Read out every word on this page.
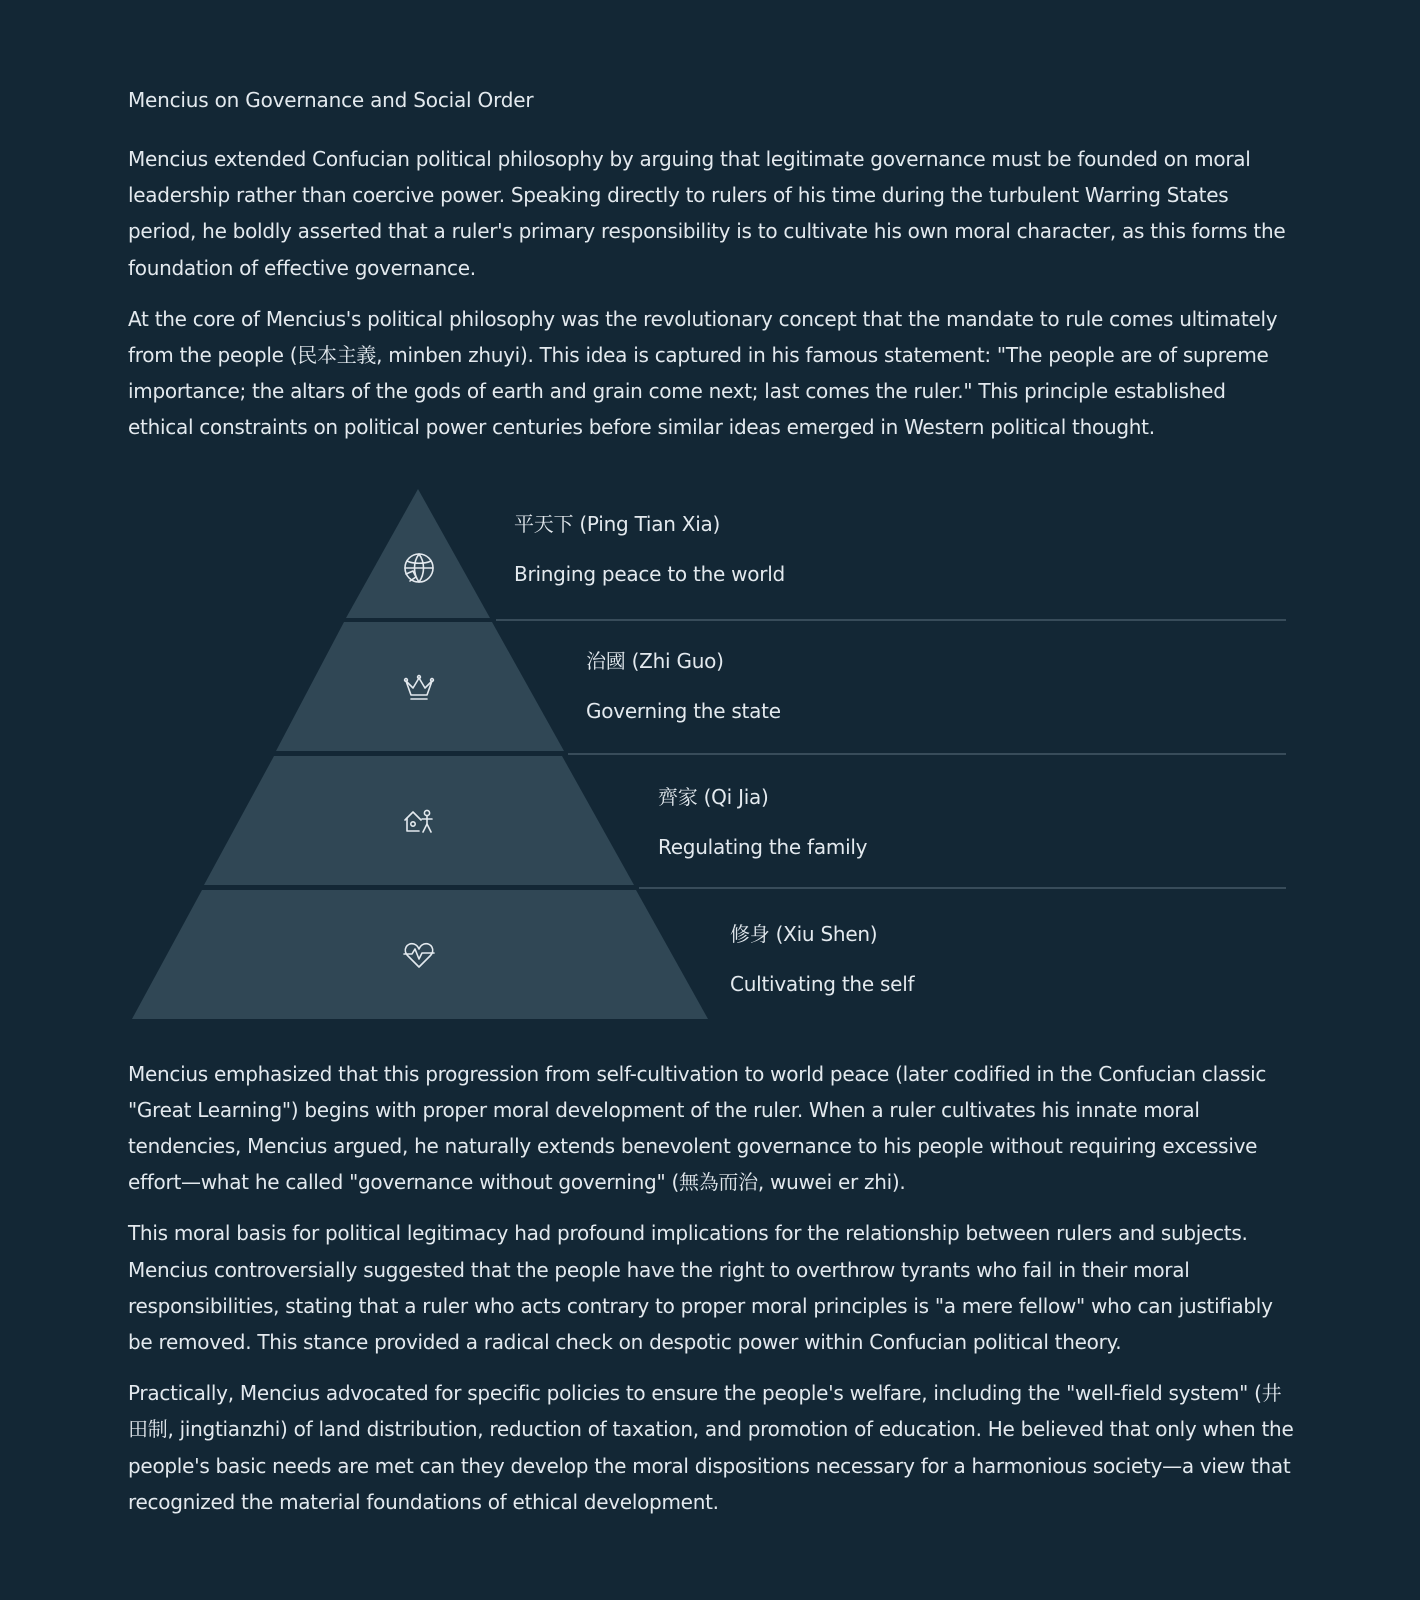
Mencius on Governance and Social Order

Mencius extended Confucian political philosophy by arguing that legitimate governance must be founded on moral leadership rather than coercive power. Speaking directly to rulers of his time during the turbulent Warring States period, he boldly asserted that a ruler's primary responsibility is to cultivate his own moral character, as this forms the foundation of effective governance.

At the core of Mencius's political philosophy was the revolutionary concept that the mandate to rule comes ultimately from the people (民本主義, minben zhuyi). This idea is captured in his famous statement: "The people are of supreme importance; the altars of the gods of earth and grain come next; last comes the ruler." This principle established ethical constraints on political power centuries before similar ideas emerged in Western political thought.

平天下 (Ping Tian Xia)
Bringing peace to the world
治國 (Zhi Guo)
Governing the state
齊家 (Qi Jia)
Regulating the family
修身 (Xiu Shen)
Cultivating the self

Mencius emphasized that this progression from self-cultivation to world peace (later codified in the Confucian classic "Great Learning") begins with proper moral development of the ruler. When a ruler cultivates his innate moral tendencies, Mencius argued, he naturally extends benevolent governance to his people without requiring excessive effort—what he called "governance without governing" (無為而治, wuwei er zhi).

This moral basis for political legitimacy had profound implications for the relationship between rulers and subjects. Mencius controversially suggested that the people have the right to overthrow tyrants who fail in their moral responsibilities, stating that a ruler who acts contrary to proper moral principles is "a mere fellow" who can justifiably be removed. This stance provided a radical check on despotic power within Confucian political theory.

Practically, Mencius advocated for specific policies to ensure the people's welfare, including the "well-field system" (井田制, jingtianzhi) of land distribution, reduction of taxation, and promotion of education. He believed that only when the people's basic needs are met can they develop the moral dispositions necessary for a harmonious society—a view that recognized the material foundations of ethical development.
